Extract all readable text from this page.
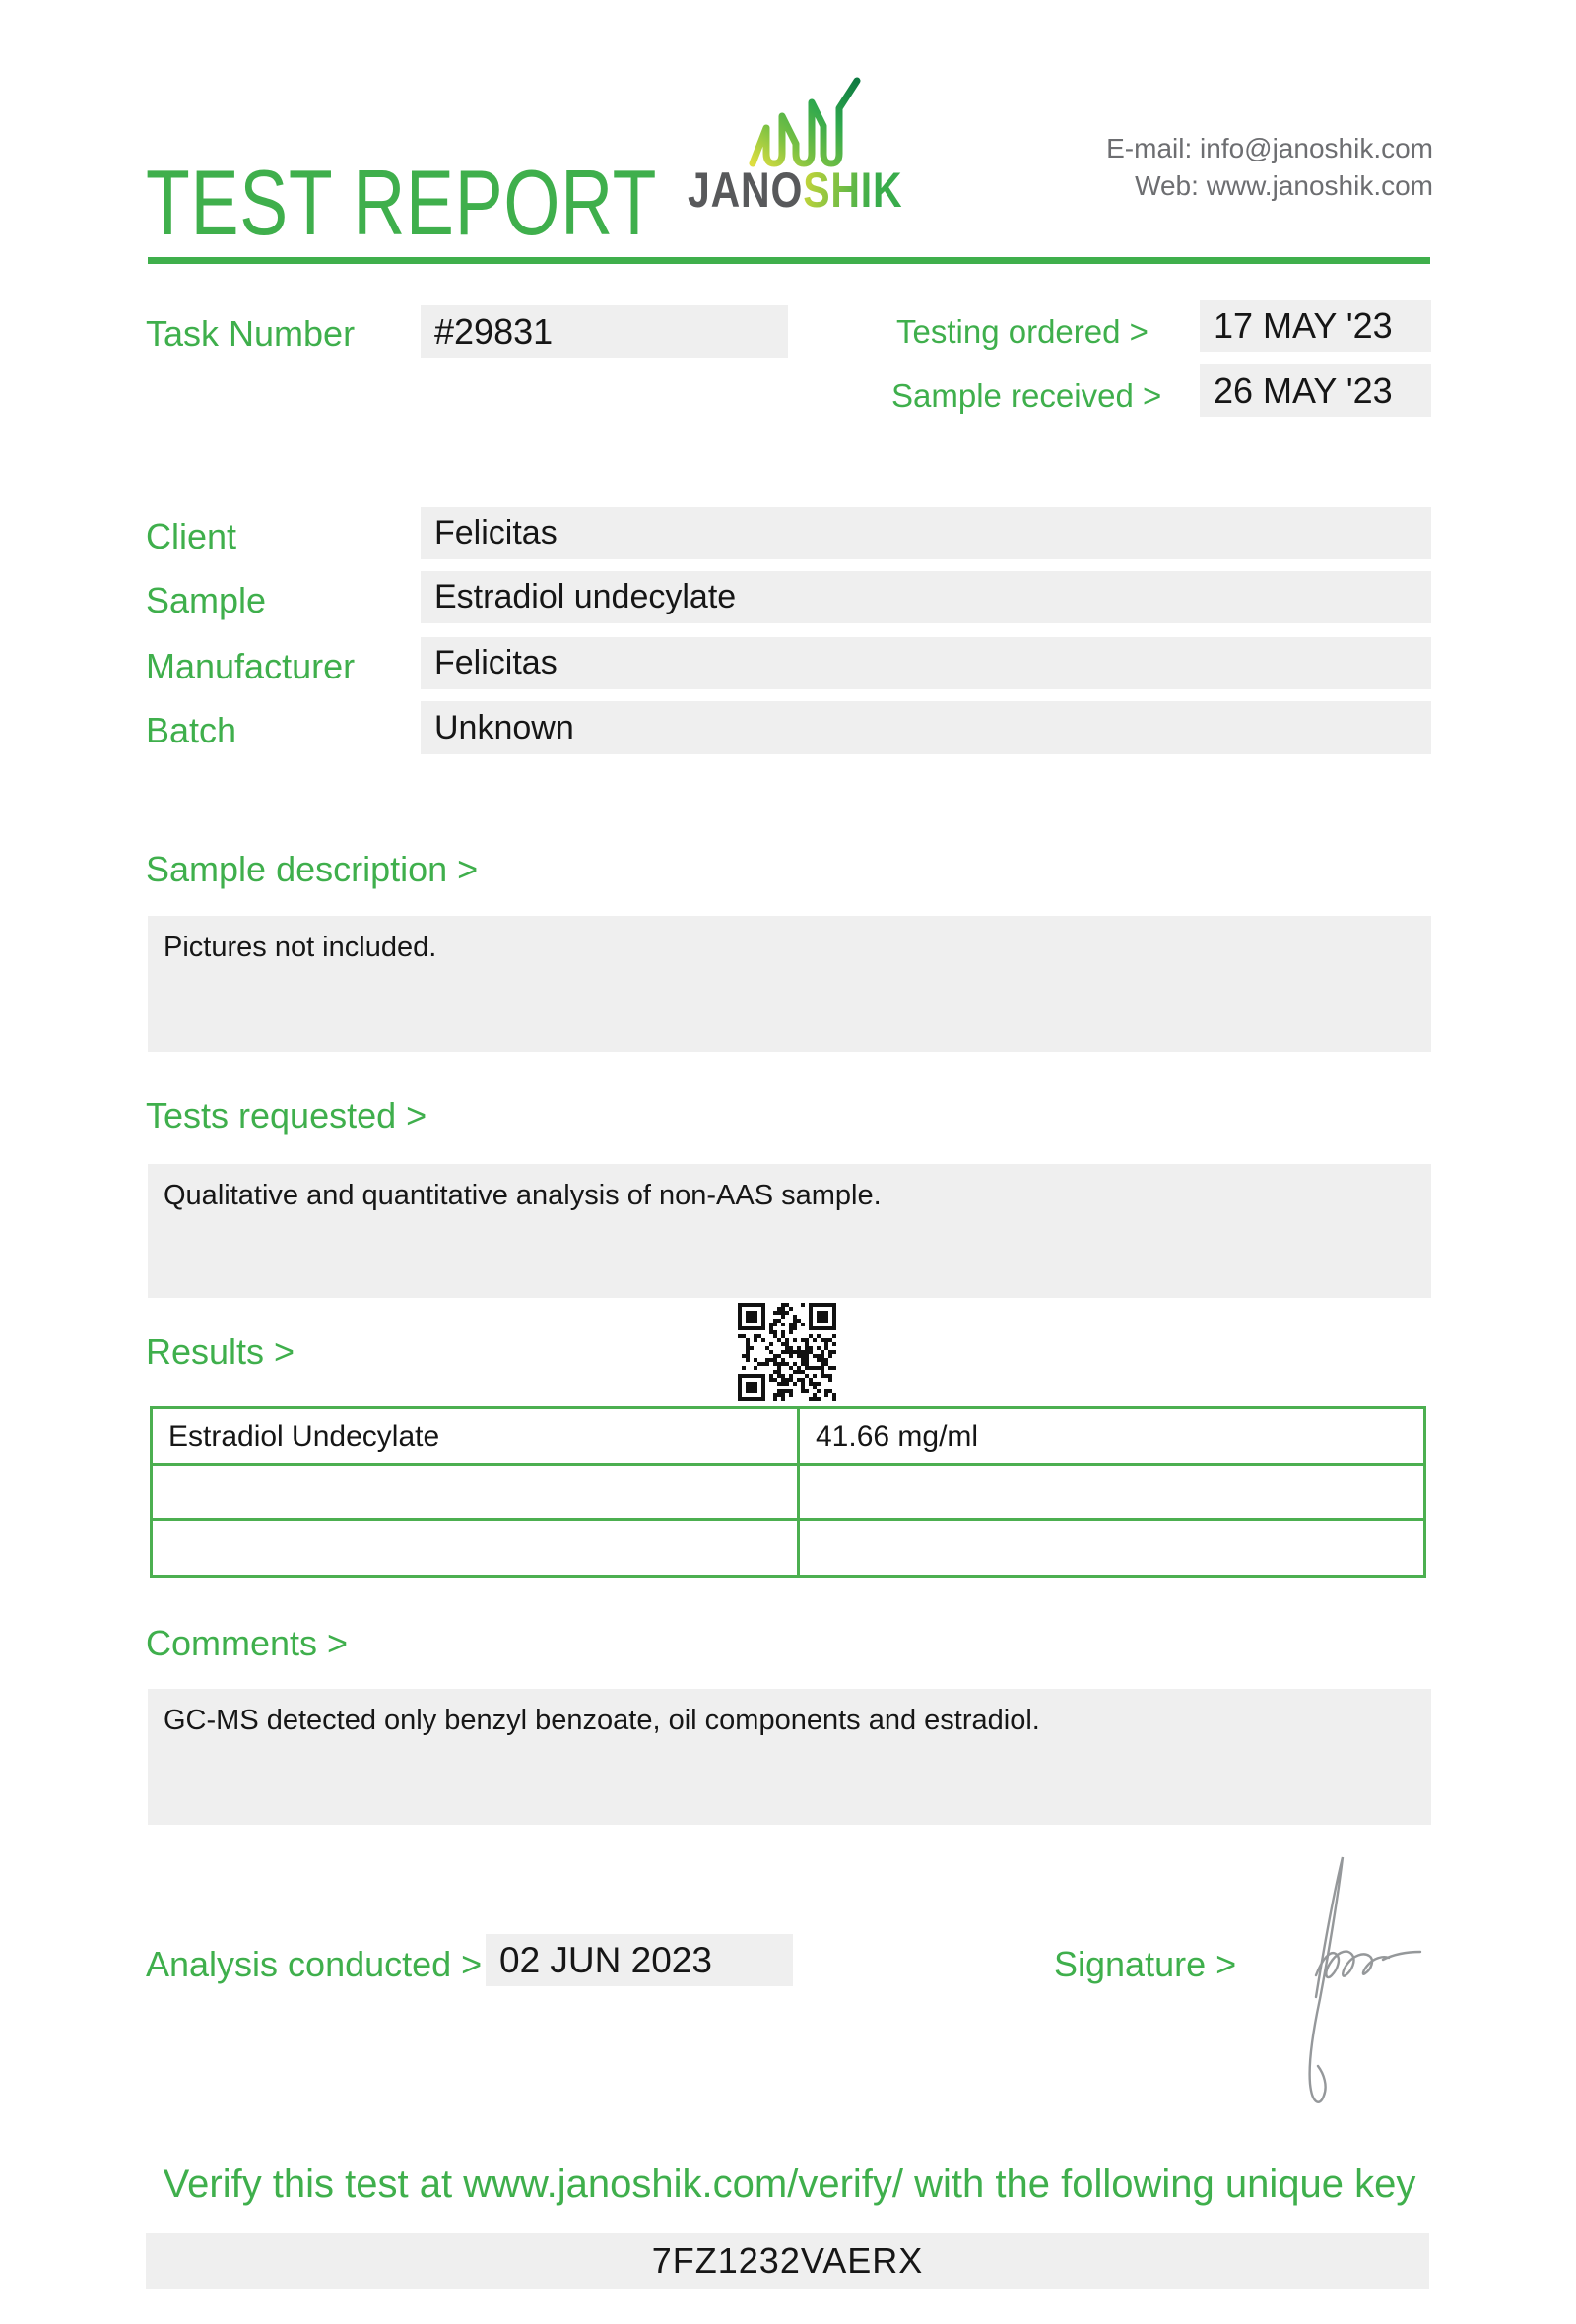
TEST REPORT JANOSHIK
E-mail: info@janoshik.com
Web: www.janoshik.com
Task Number	#29831	Testing ordered >	17 MAY '23
Sample received >	26 MAY '23
Client	Felicitas
Sample	Estradiol undecylate
Manufacturer	Felicitas
Batch	Unknown
Sample description >
Pictures not included.
Tests requested >
Qualitative and quantitative analysis of non-AAS sample.
Results >
Estradiol Undecylate	41.66 mg/ml

Comments >
GC-MS detected only benzyl benzoate, oil components and estradiol.
Analysis conducted > 02 JUN 2023	Signature >
Verify this test at www.janoshik.com/verify/ with the following unique key
7FZ1232VAERX
